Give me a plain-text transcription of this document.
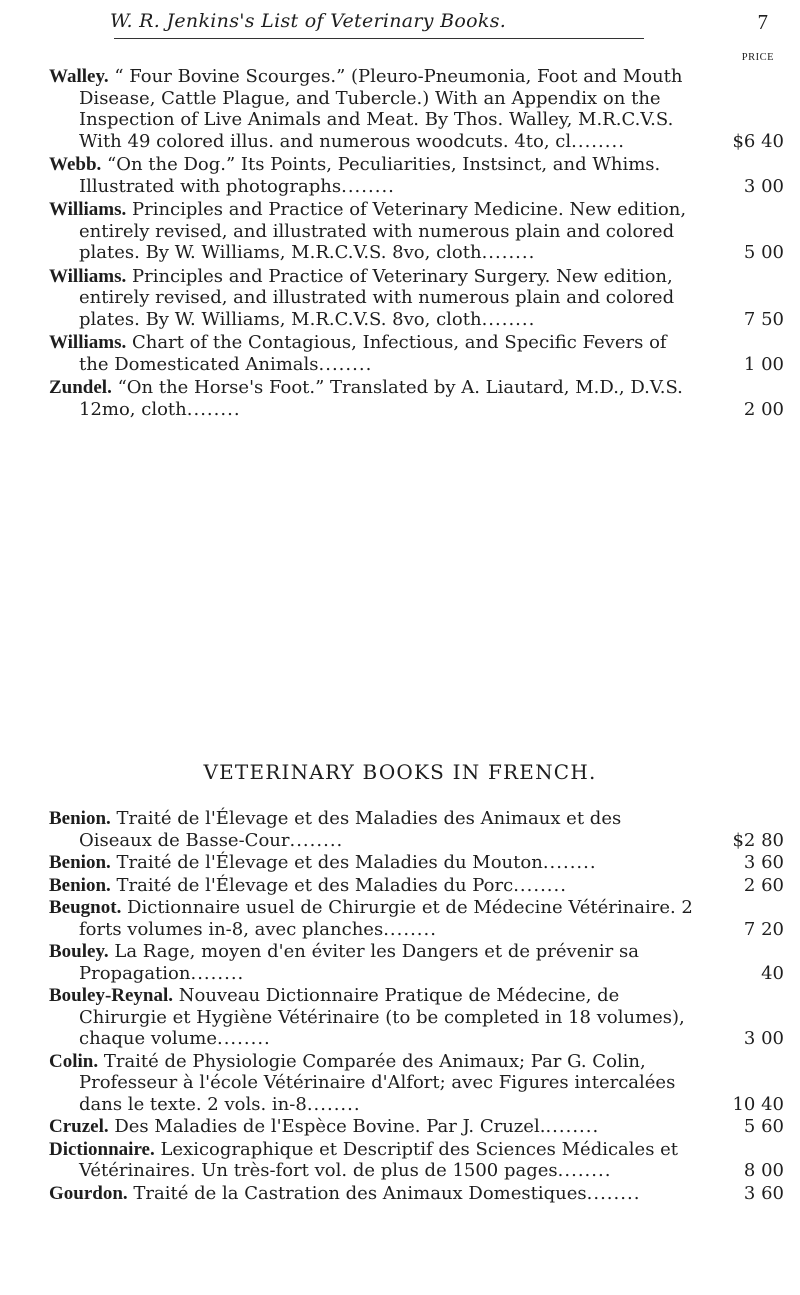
W. R. Jenkins's List of Veterinary Books.	7
PRICE
Walley. “ Four Bovine Scourges.” (Pleuro-Pneumonia, Foot and Mouth Disease, Cattle Plague, and Tubercle.) With an Appendix on the Inspection of Live Animals and Meat. By Thos. Walley, M.R.C.V.S. With 49 colored illus. and numerous woodcuts. 4to, cl........	$6 40
Webb. “On the Dog.” Its Points, Peculiarities, Instsinct, and Whims. Illustrated with photographs........	3 00
Williams. Principles and Practice of Veterinary Medicine. New edition, entirely revised, and illustrated with numerous plain and colored plates. By W. Williams, M.R.C.V.S. 8vo, cloth........	5 00
Williams. Principles and Practice of Veterinary Surgery. New edition, entirely revised, and illustrated with numerous plain and colored plates. By W. Williams, M.R.C.V.S. 8vo, cloth........	7 50
Williams. Chart of the Contagious, Infectious, and Specific Fevers of the Domesticated Animals........	1 00
Zundel. “On the Horse's Foot.” Translated by A. Liautard, M.D., D.V.S. 12mo, cloth........	2 00
VETERINARY BOOKS IN FRENCH.
Benion. Traité de l'Élevage et des Maladies des Animaux et des Oiseaux de Basse-Cour........	$2 80
Benion. Traité de l'Élevage et des Maladies du Mouton........	3 60
Benion. Traité de l'Élevage et des Maladies du Porc........	2 60
Beugnot. Dictionnaire usuel de Chirurgie et de Médecine Vétérinaire. 2 forts volumes in-8, avec planches........	7 20
Bouley. La Rage, moyen d'en éviter les Dangers et de prévenir sa Propagation........	40
Bouley-Reynal. Nouveau Dictionnaire Pratique de Médecine, de Chirurgie et Hygiène Vétérinaire (to be completed in 18 volumes), chaque volume........	3 00
Colin. Traité de Physiologie Comparée des Animaux; Par G. Colin, Professeur à l'école Vétérinaire d'Alfort; avec Figures intercalées dans le texte. 2 vols. in-8........	10 40
Cruzel. Des Maladies de l'Espèce Bovine. Par J. Cruzel.........	5 60
Dictionnaire. Lexicographique et Descriptif des Sciences Médicales et Vétérinaires. Un très-fort vol. de plus de 1500 pages........	8 00
Gourdon. Traité de la Castration des Animaux Domestiques........	3 60
